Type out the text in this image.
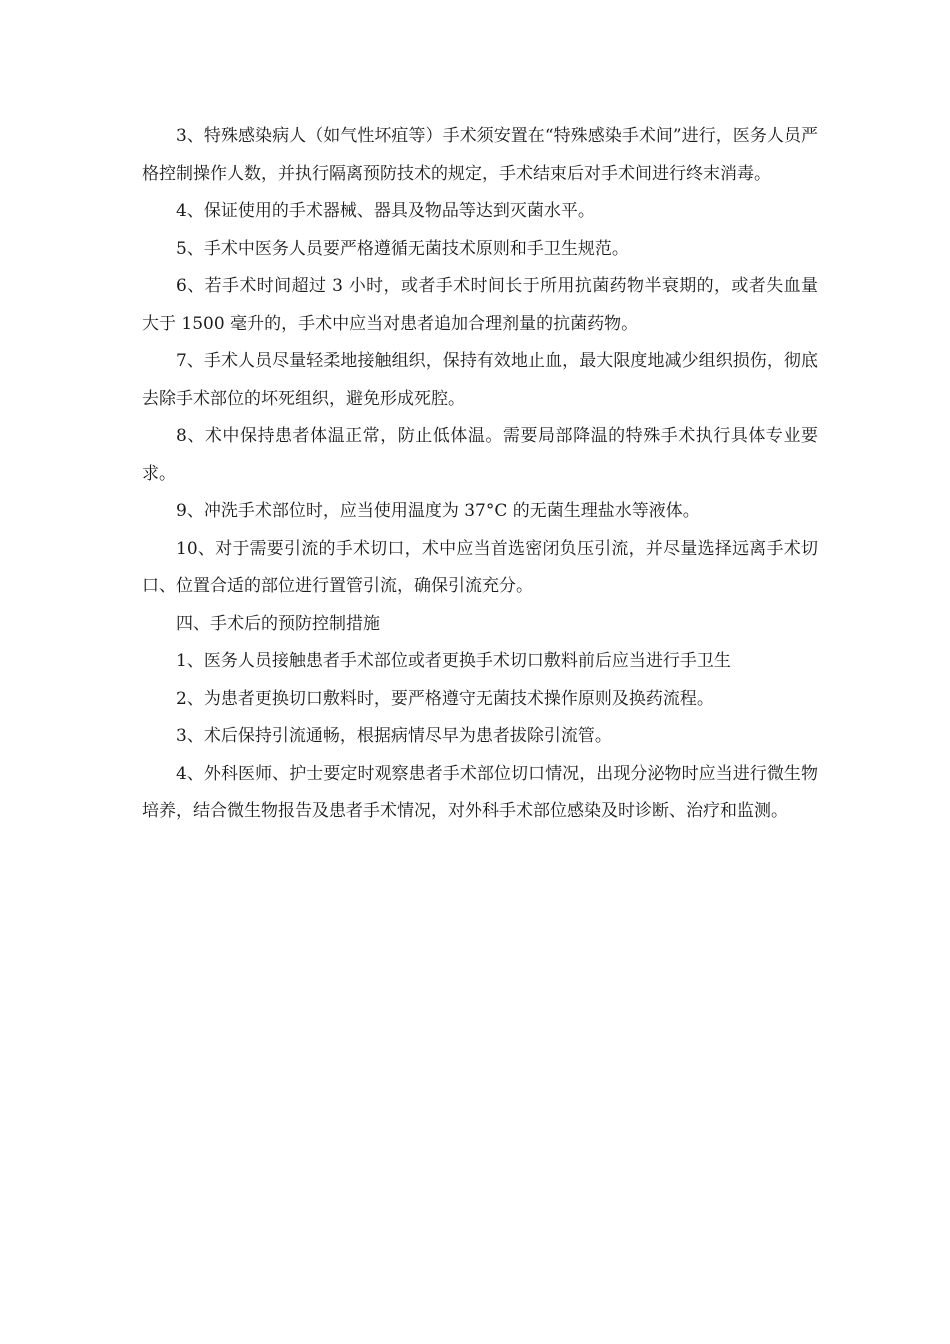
3、特殊感染病人（如气性坏疽等）手术须安置在“特殊感染手术间”进行，医务人员严格控制操作人数，并执行隔离预防技术的规定，手术结束后对手术间进行终末消毒。

4、保证使用的手术器械、器具及物品等达到灭菌水平。

5、手术中医务人员要严格遵循无菌技术原则和手卫生规范。

6、若手术时间超过 3 小时，或者手术时间长于所用抗菌药物半衰期的，或者失血量大于 1500 毫升的，手术中应当对患者追加合理剂量的抗菌药物。

7、手术人员尽量轻柔地接触组织，保持有效地止血，最大限度地减少组织损伤，彻底去除手术部位的坏死组织，避免形成死腔。

8、术中保持患者体温正常，防止低体温。需要局部降温的特殊手术执行具体专业要求。

9、冲洗手术部位时，应当使用温度为 37°C 的无菌生理盐水等液体。

10、对于需要引流的手术切口，术中应当首选密闭负压引流，并尽量选择远离手术切口、位置合适的部位进行置管引流，确保引流充分。

四、手术后的预防控制措施

1、医务人员接触患者手术部位或者更换手术切口敷料前后应当进行手卫生

2、为患者更换切口敷料时，要严格遵守无菌技术操作原则及换药流程。

3、术后保持引流通畅，根据病情尽早为患者拔除引流管。

4、外科医师、护士要定时观察患者手术部位切口情况，出现分泌物时应当进行微生物培养，结合微生物报告及患者手术情况，对外科手术部位感染及时诊断、治疗和监测。
